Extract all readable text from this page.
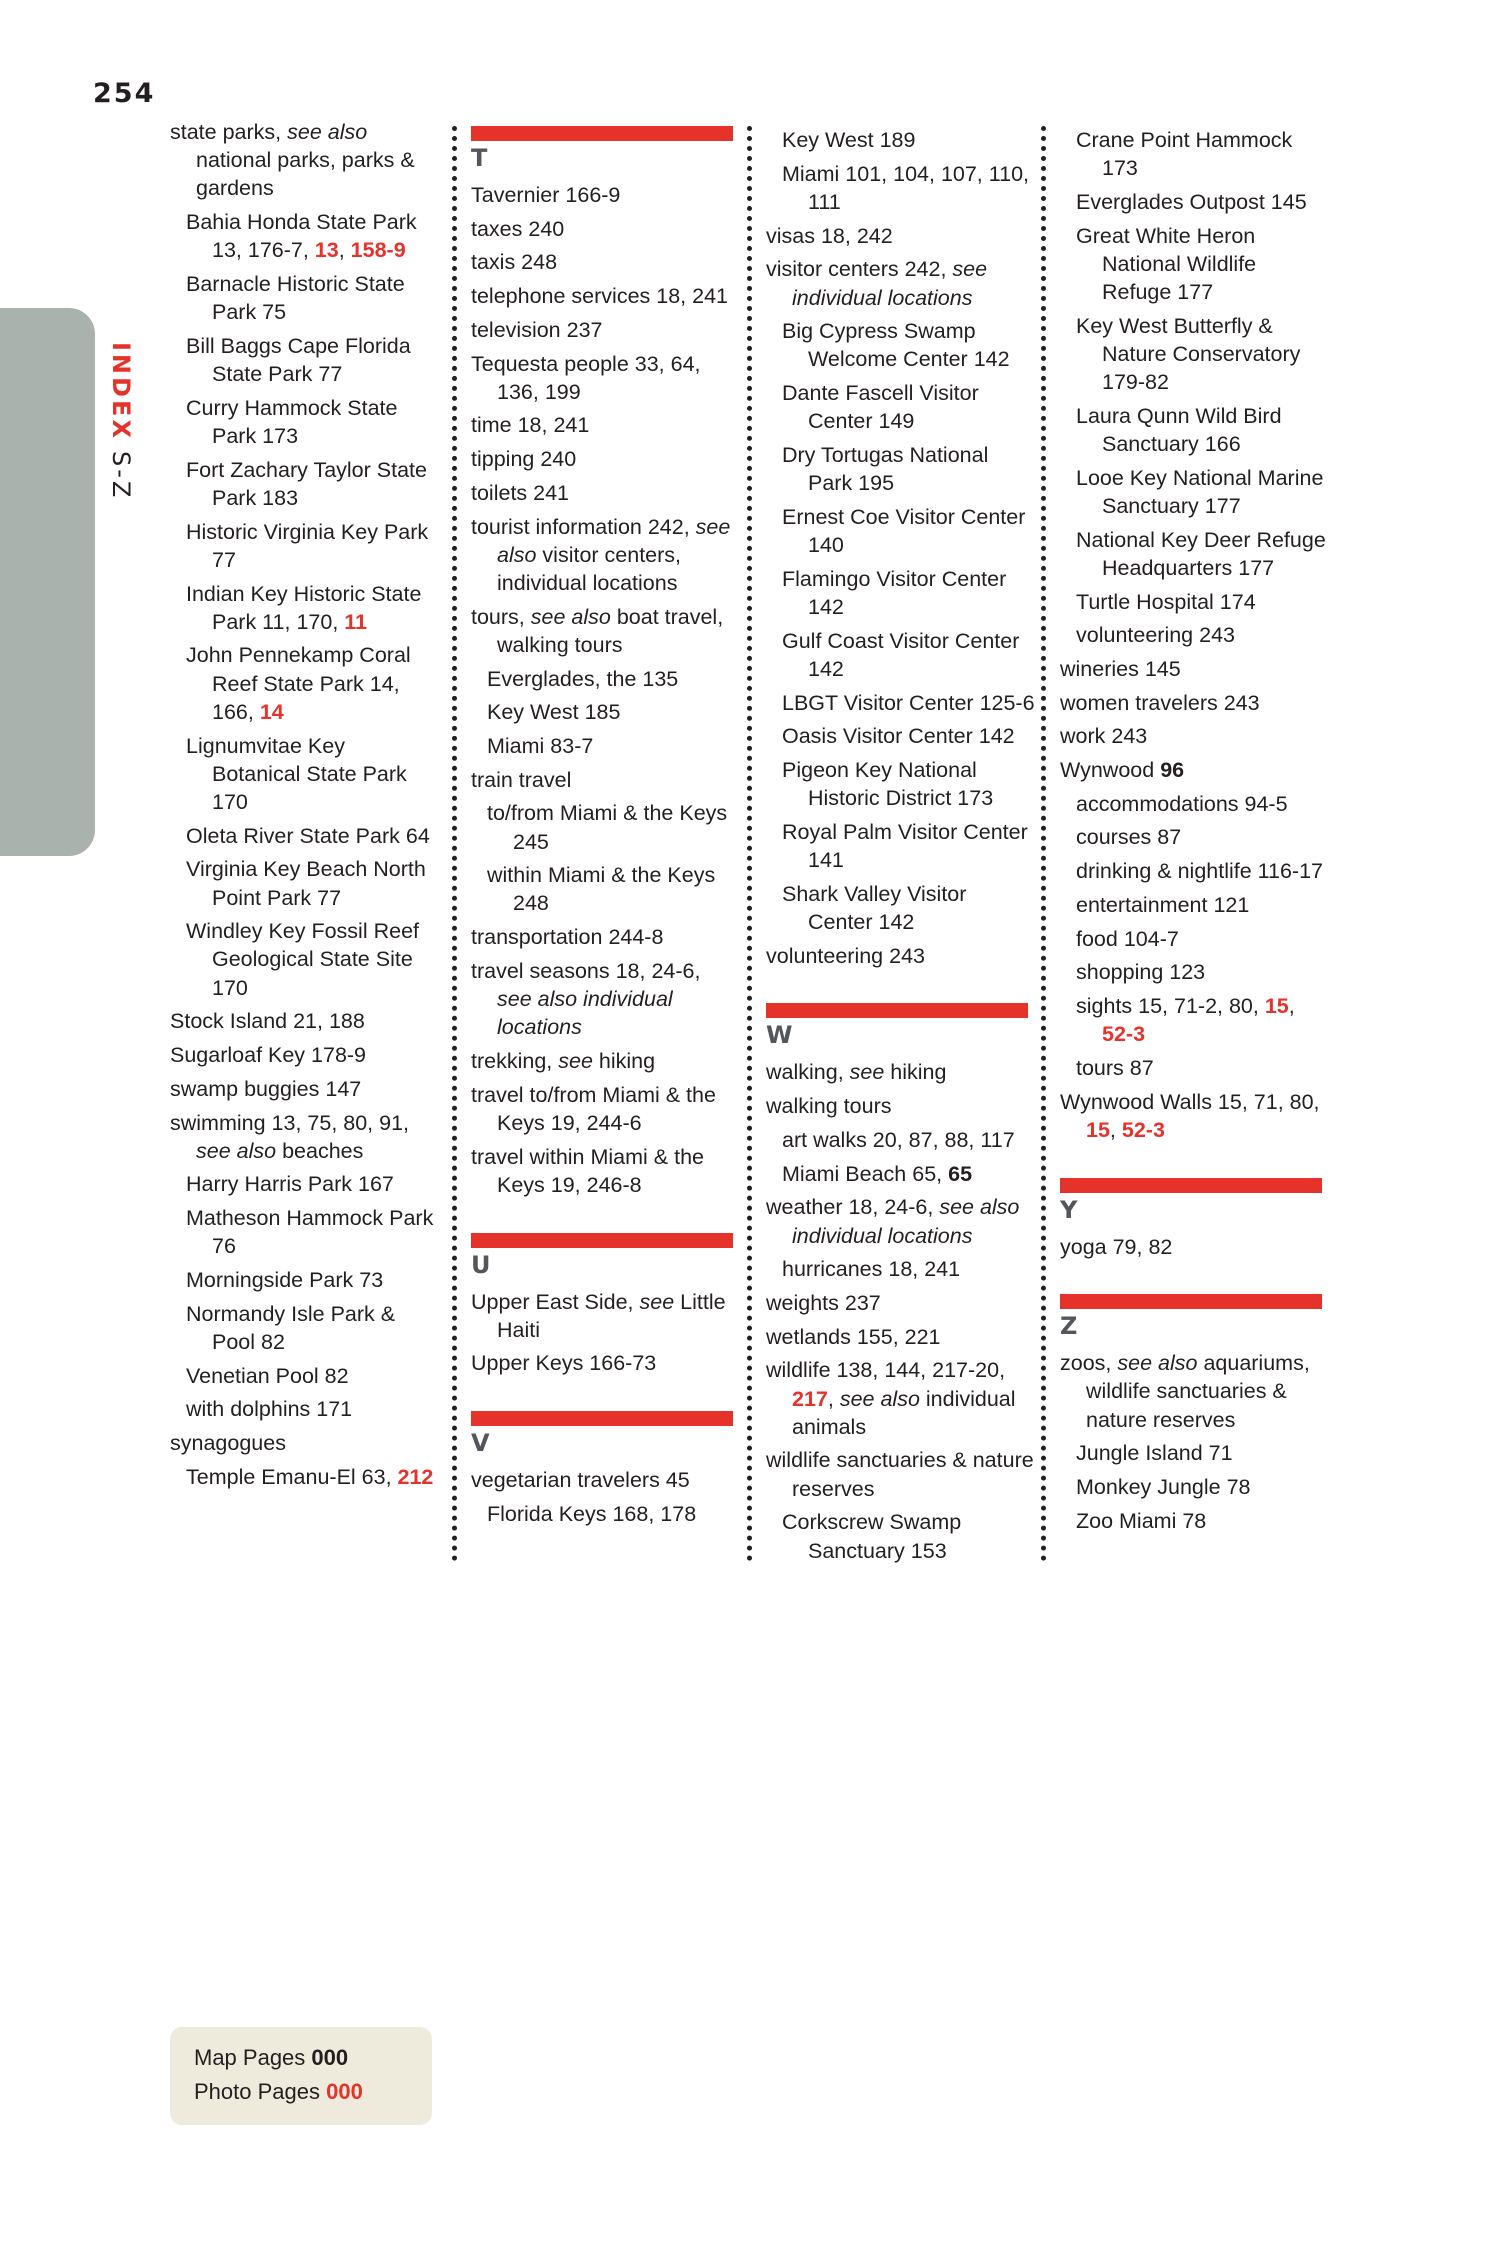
254
INDEXS-Z
state parks, see also national parks, parks & gardens
Bahia Honda State Park 13, 176-7, 13, 158-9
Barnacle Historic State Park 75
Bill Baggs Cape Florida State Park 77
Curry Hammock State Park 173
Fort Zachary Taylor State Park 183
Historic Virginia Key Park 77
Indian Key Historic State Park 11, 170, 11
John Pennekamp Coral Reef State Park 14, 166, 14
Lignumvitae Key Botanical State Park 170
Oleta River State Park 64
Virginia Key Beach North Point Park 77
Windley Key Fossil Reef Geological State Site 170
Stock Island 21, 188
Sugarloaf Key 178-9
swamp buggies 147
swimming 13, 75, 80, 91, see also beaches
Harry Harris Park 167
Matheson Hammock Park 76
Morningside Park 73
Normandy Isle Park & Pool 82
Venetian Pool 82
with dolphins 171
synagogues
Temple Emanu-El 63, 212
T
Tavernier 166-9
taxes 240
taxis 248
telephone services 18, 241
television 237
Tequesta people 33, 64, 136, 199
time 18, 241
tipping 240
toilets 241
tourist information 242, see also visitor centers, individual locations
tours, see also boat travel, walking tours
Everglades, the 135
Key West 185
Miami 83-7
train travel
to/from Miami & the Keys 245
within Miami & the Keys 248
transportation 244-8
travel seasons 18, 24-6, see also individual locations
trekking, see hiking
travel to/from Miami & the Keys 19, 244-6
travel within Miami & the Keys 19, 246-8
U
Upper East Side, see Little Haiti
Upper Keys 166-73
V
vegetarian travelers 45
Florida Keys 168, 178
Key West 189
Miami 101, 104, 107, 110, 111
visas 18, 242
visitor centers 242, see individual locations
Big Cypress Swamp Welcome Center 142
Dante Fascell Visitor Center 149
Dry Tortugas National Park 195
Ernest Coe Visitor Center 140
Flamingo Visitor Center 142
Gulf Coast Visitor Center 142
LBGT Visitor Center 125-6
Oasis Visitor Center 142
Pigeon Key National Historic District 173
Royal Palm Visitor Center 141
Shark Valley Visitor Center 142
volunteering 243
W
walking, see hiking
walking tours
art walks 20, 87, 88, 117
Miami Beach 65, 65
weather 18, 24-6, see also individual locations
hurricanes 18, 241
weights 237
wetlands 155, 221
wildlife 138, 144, 217-20, 217, see also individual animals
wildlife sanctuaries & nature reserves
Corkscrew Swamp Sanctuary 153
Crane Point Hammock 173
Everglades Outpost 145
Great White Heron National Wildlife Refuge 177
Key West Butterfly & Nature Conservatory 179-82
Laura Qunn Wild Bird Sanctuary 166
Looe Key National Marine Sanctuary 177
National Key Deer Refuge Headquarters 177
Turtle Hospital 174
volunteering 243
wineries 145
women travelers 243
work 243
Wynwood 96
accommodations 94-5
courses 87
drinking & nightlife 116-17
entertainment 121
food 104-7
shopping 123
sights 15, 71-2, 80, 15, 52-3
tours 87
Wynwood Walls 15, 71, 80, 15, 52-3
Y
yoga 79, 82
Z
zoos, see also aquariums, wildlife sanctuaries & nature reserves
Jungle Island 71
Monkey Jungle 78
Zoo Miami 78
Map Pages 000
Photo Pages 000
